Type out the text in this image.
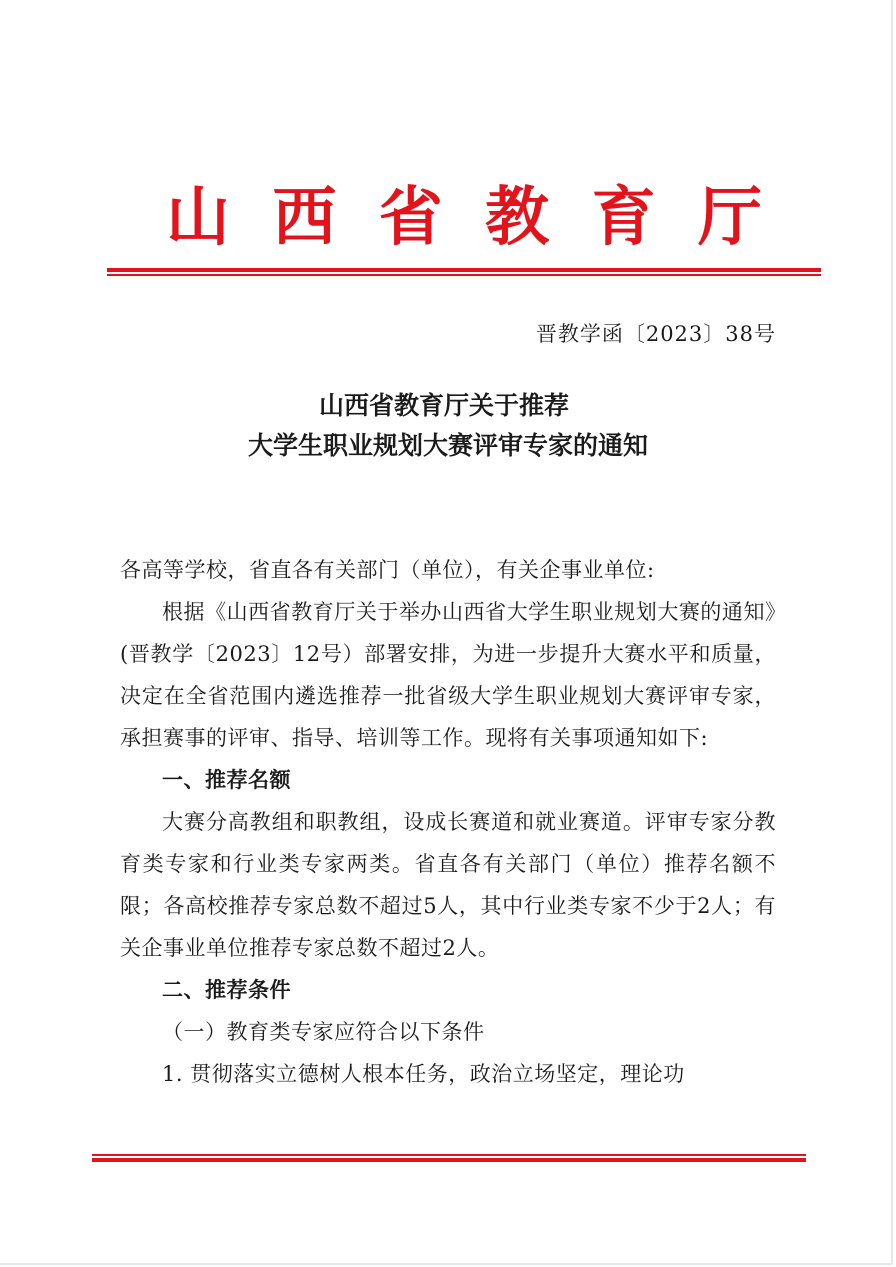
山 西 省 教 育 厅
晋教学函〔2023〕38号
山西省教育厅关于推荐
大学生职业规划大赛评审专家的通知

各高等学校，省直各有关部门（单位），有关企事业单位:

根据《山西省教育厅关于举办山西省大学生职业规划大赛的通知》(晋教学〔2023〕12号）部署安排，为进一步提升大赛水平和质量，决定在全省范围内遴选推荐一批省级大学生职业规划大赛评审专家，承担赛事的评审、指导、培训等工作。现将有关事项通知如下:

一、推荐名额

大赛分高教组和职教组，设成长赛道和就业赛道。评审专家分教育类专家和行业类专家两类。省直各有关部门（单位）推荐名额不限；各高校推荐专家总数不超过5人，其中行业类专家不少于2人；有关企事业单位推荐专家总数不超过2人。

二、推荐条件

（一）教育类专家应符合以下条件

1. 贯彻落实立德树人根本任务，政治立场坚定，理论功
